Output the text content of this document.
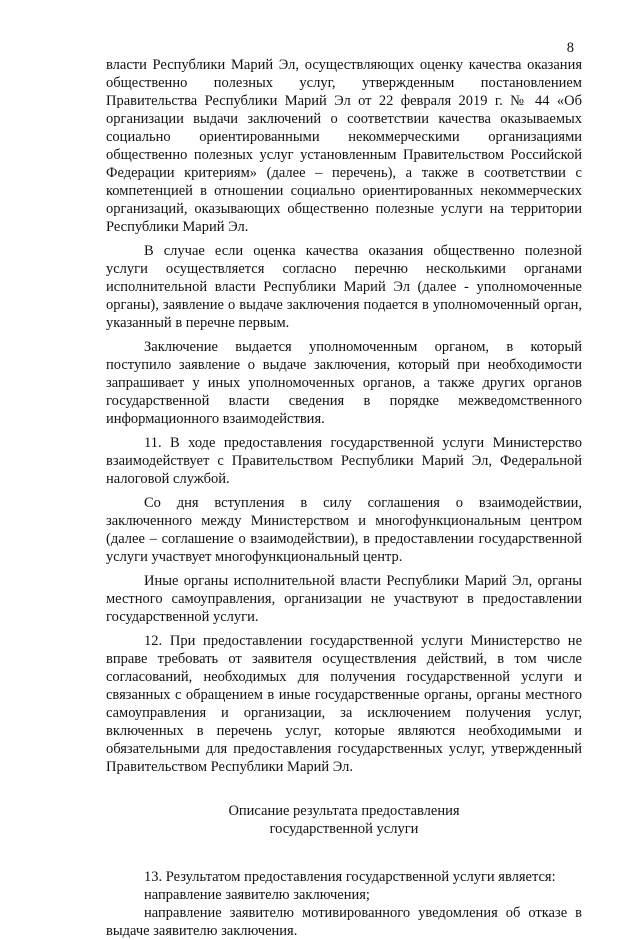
8

власти Республики Марий Эл, осуществляющих оценку качества оказания общественно полезных услуг, утвержденным постановлением Правительства Республики Марий Эл от 22 февраля 2019 г. № 44 «Об организации выдачи заключений о соответствии качества оказываемых социально ориентированными некоммерческими организациями общественно полезных услуг установленным Правительством Российской Федерации критериям» (далее – перечень), а также в соответствии с компетенцией в отношении социально ориентированных некоммерческих организаций, оказывающих общественно полезные услуги на территории Республики Марий Эл.

В случае если оценка качества оказания общественно полезной услуги осуществляется согласно перечню несколькими органами исполнительной власти Республики Марий Эл (далее - уполномоченные органы), заявление о выдаче заключения подается в уполномоченный орган, указанный в перечне первым.

Заключение выдается уполномоченным органом, в который поступило заявление о выдаче заключения, который при необходимости запрашивает у иных уполномоченных органов, а также других органов государственной власти сведения в порядке межведомственного информационного взаимодействия.

11. В ходе предоставления государственной услуги Министерство взаимодействует с Правительством Республики Марий Эл, Федеральной налоговой службой.

Со дня вступления в силу соглашения о взаимодействии, заключенного между Министерством и многофункциональным центром (далее – соглашение о взаимодействии), в предоставлении государственной услуги участвует многофункциональный центр.

Иные органы исполнительной власти Республики Марий Эл, органы местного самоуправления, организации не участвуют в предоставлении государственной услуги.

12. При предоставлении государственной услуги Министерство не вправе требовать от заявителя осуществления действий, в том числе согласований, необходимых для получения государственной услуги и связанных с обращением в иные государственные органы, органы местного самоуправления и организации, за исключением получения услуг, включенных в перечень услуг, которые являются необходимыми и обязательными для предоставления государственных услуг, утвержденный Правительством Республики Марий Эл.

Описание результата предоставления
государственной услуги

13. Результатом предоставления государственной услуги является:

направление заявителю заключения;

направление заявителю мотивированного уведомления об отказе в выдаче заявителю заключения.
